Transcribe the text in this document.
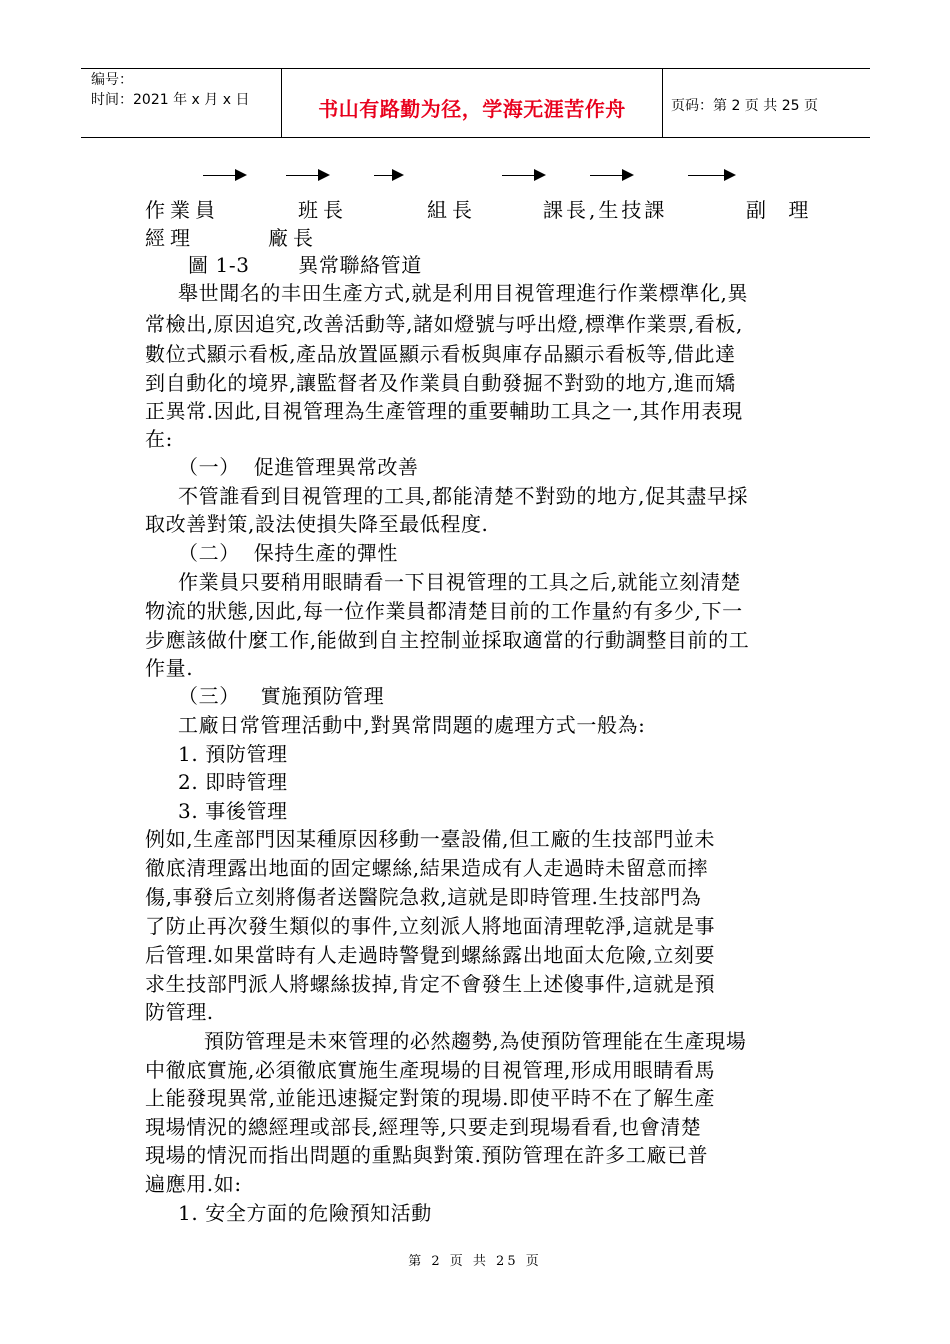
编号：
时间：2021 年 x 月 x 日	书山有路勤为径，学海无涯苦作舟	页码：第 2 页 共 25 页
作業員	班長	組長	課長,生技課	副 理
經理	廠長
圖 1-3       異常聯絡管道
舉世聞名的丰田生產方式,就是利用目視管理進行作業標準化,異
常檢出,原因追究,改善活動等,諸如燈號与呼出燈,標準作業票,看板,
數位式顯示看板,產品放置區顯示看板與庫存品顯示看板等,借此達
到自動化的境界,讓監督者及作業員自動發掘不對勁的地方,進而矯
正異常.因此,目視管理為生產管理的重要輔助工具之一,其作用表現
在:
（一）  促進管理異常改善
不管誰看到目視管理的工具,都能清楚不對勁的地方,促其盡早採
取改善對策,設法使損失降至最低程度.
（二）  保持生產的彈性
作業員只要稍用眼睛看一下目視管理的工具之后,就能立刻清楚
物流的狀態,因此,每一位作業員都清楚目前的工作量約有多少,下一
步應該做什麼工作,能做到自主控制並採取適當的行動調整目前的工
作量.
（三）   實施預防管理
工廠日常管理活動中,對異常問題的處理方式一般為:
1. 預防管理
2. 即時管理
3. 事後管理
例如,生產部門因某種原因移動一臺設備,但工廠的生技部門並未
徹底清理露出地面的固定螺絲,結果造成有人走過時未留意而摔
傷,事發后立刻將傷者送醫院急救,這就是即時管理.生技部門為
了防止再次發生類似的事件,立刻派人將地面清理乾淨,這就是事
后管理.如果當時有人走過時警覺到螺絲露出地面太危險,立刻要
求生技部門派人將螺絲拔掉,肯定不會發生上述傻事件,這就是預
防管理.
預防管理是未來管理的必然趨勢,為使預防管理能在生產現場
中徹底實施,必須徹底實施生產現場的目視管理,形成用眼睛看馬
上能發現異常,並能迅速擬定對策的現場.即使平時不在了解生產
現場情況的總經理或部長,經理等,只要走到現場看看,也會清楚
現場的情況而指出問題的重點與對策.預防管理在許多工廠已普
遍應用.如:
1. 安全方面的危險預知活動
第 2 页 共 25 页
